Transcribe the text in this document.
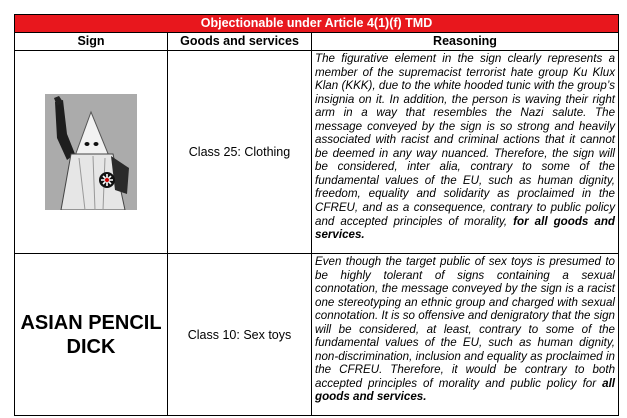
Objectionable under Article 4(1)(f) TMD		
Sign	Goods and services	Reasoning
	Class 25: Clothing	The figurative element in the sign clearly represents a member of the supremacist terrorist hate group Ku Klux Klan (KKK), due to the white hooded tunic with the group’s insignia on it. In addition, the person is waving their right arm in a way that resembles the Nazi salute. The message conveyed by the sign is so strong and heavily associated with racist and criminal actions that it cannot be deemed in any way nuanced. Therefore, the sign will be considered, inter alia, contrary to some of the fundamental values of the EU, such as human dignity, freedom, equality and solidarity as proclaimed in the CFREU, and as a consequence, contrary to public policy and accepted principles of morality, for all goods and services.

ASIAN PENCIL DICK	Class 10: Sex toys	Even though the target public of sex toys is presumed to be highly tolerant of signs containing a sexual connotation, the message conveyed by the sign is a racist one stereotyping an ethnic group and charged with sexual connotation. It is so offensive and denigratory that the sign will be considered, at least, contrary to some of the fundamental values of the EU, such as human dignity, non-discrimination, inclusion and equality as proclaimed in the CFREU. Therefore, it would be contrary to both accepted principles of morality and public policy for all goods and services.
